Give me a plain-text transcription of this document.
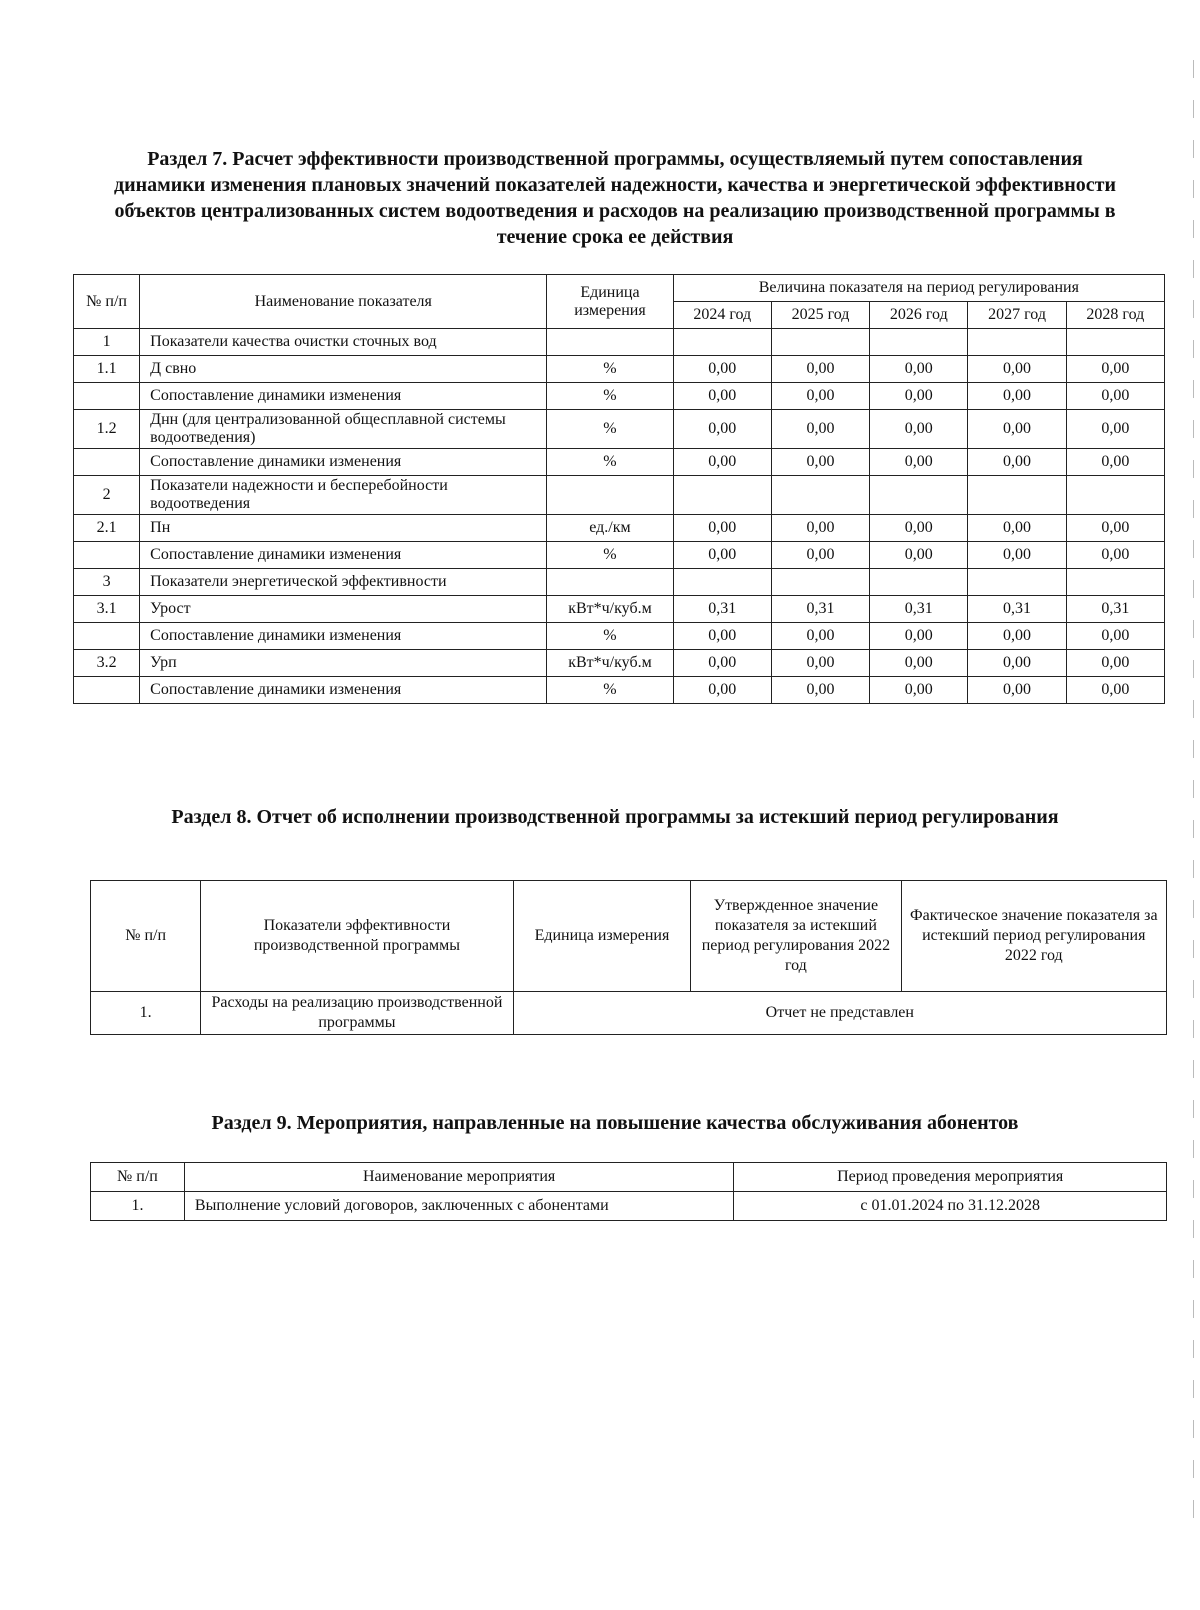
Раздел 7. Расчет эффективности производственной программы, осуществляемый путем сопоставления динамики изменения плановых значений показателей надежности, качества и энергетической эффективности объектов централизованных систем водоотведения и расходов на реализацию производственной программы в течение срока ее действия
№ п/п	Наименование показателя	Единица измерения	Величина показателя на период регулирования				
			2024 год	2025 год	2026 год	2027 год	2028 год
1	Показатели качества очистки сточных вод						
1.1	Д свно	%	0,00	0,00	0,00	0,00	0,00
	Сопоставление динамики изменения	%	0,00	0,00	0,00	0,00	0,00
1.2	Днн (для централизованной общесплавной системы водоотведения)	%	0,00	0,00	0,00	0,00	0,00
	Сопоставление динамики изменения	%	0,00	0,00	0,00	0,00	0,00
2	Показатели надежности и бесперебойности водоотведения						
2.1	Пн	ед./км	0,00	0,00	0,00	0,00	0,00
	Сопоставление динамики изменения	%	0,00	0,00	0,00	0,00	0,00
3	Показатели энергетической эффективности						
3.1	Урост	кВт*ч/куб.м	0,31	0,31	0,31	0,31	0,31
	Сопоставление динамики изменения	%	0,00	0,00	0,00	0,00	0,00
3.2	Урп	кВт*ч/куб.м	0,00	0,00	0,00	0,00	0,00
	Сопоставление динамики изменения	%	0,00	0,00	0,00	0,00	0,00
Раздел 8. Отчет об исполнении производственной программы за истекший период регулирования
№ п/п	Показатели эффективности производственной программы	Единица измерения	Утвержденное значение показателя за истекший период регулирования 2022 год	Фактическое значение показателя за истекший период регулирования 2022 год
1.	Расходы на реализацию производственной программы	Отчет не представлен		
Раздел 9. Мероприятия, направленные на повышение качества обслуживания абонентов
№ п/п	Наименование мероприятия	Период проведения мероприятия
1.	Выполнение условий договоров, заключенных с абонентами	с 01.01.2024 по 31.12.2028
